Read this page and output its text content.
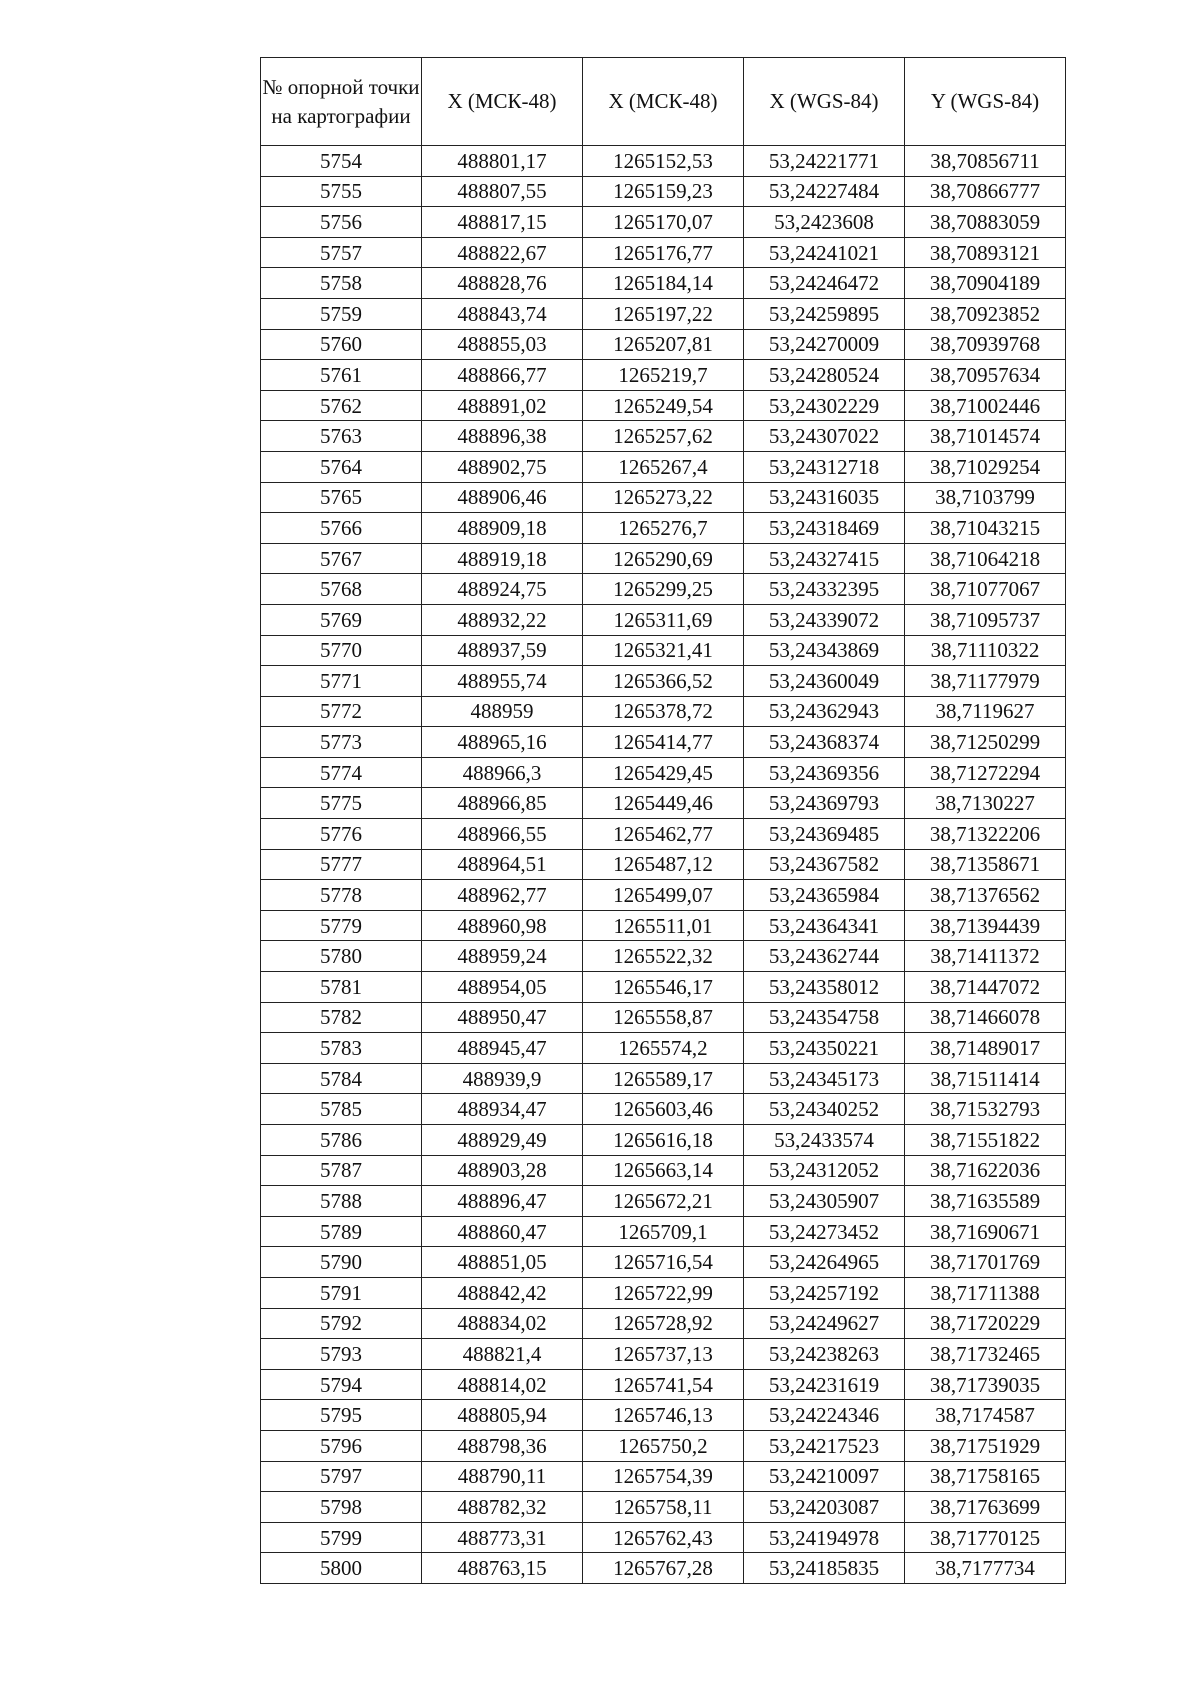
№ опорной точки на картографии	X (МСК-48)	X (МСК-48)	X (WGS-84)	Y (WGS-84)
5754	488801,17	1265152,53	53,24221771	38,70856711
5755	488807,55	1265159,23	53,24227484	38,70866777
5756	488817,15	1265170,07	53,2423608	38,70883059
5757	488822,67	1265176,77	53,24241021	38,70893121
5758	488828,76	1265184,14	53,24246472	38,70904189
5759	488843,74	1265197,22	53,24259895	38,70923852
5760	488855,03	1265207,81	53,24270009	38,70939768
5761	488866,77	1265219,7	53,24280524	38,70957634
5762	488891,02	1265249,54	53,24302229	38,71002446
5763	488896,38	1265257,62	53,24307022	38,71014574
5764	488902,75	1265267,4	53,24312718	38,71029254
5765	488906,46	1265273,22	53,24316035	38,7103799
5766	488909,18	1265276,7	53,24318469	38,71043215
5767	488919,18	1265290,69	53,24327415	38,71064218
5768	488924,75	1265299,25	53,24332395	38,71077067
5769	488932,22	1265311,69	53,24339072	38,71095737
5770	488937,59	1265321,41	53,24343869	38,71110322
5771	488955,74	1265366,52	53,24360049	38,71177979
5772	488959	1265378,72	53,24362943	38,7119627
5773	488965,16	1265414,77	53,24368374	38,71250299
5774	488966,3	1265429,45	53,24369356	38,71272294
5775	488966,85	1265449,46	53,24369793	38,7130227
5776	488966,55	1265462,77	53,24369485	38,71322206
5777	488964,51	1265487,12	53,24367582	38,71358671
5778	488962,77	1265499,07	53,24365984	38,71376562
5779	488960,98	1265511,01	53,24364341	38,71394439
5780	488959,24	1265522,32	53,24362744	38,71411372
5781	488954,05	1265546,17	53,24358012	38,71447072
5782	488950,47	1265558,87	53,24354758	38,71466078
5783	488945,47	1265574,2	53,24350221	38,71489017
5784	488939,9	1265589,17	53,24345173	38,71511414
5785	488934,47	1265603,46	53,24340252	38,71532793
5786	488929,49	1265616,18	53,2433574	38,71551822
5787	488903,28	1265663,14	53,24312052	38,71622036
5788	488896,47	1265672,21	53,24305907	38,71635589
5789	488860,47	1265709,1	53,24273452	38,71690671
5790	488851,05	1265716,54	53,24264965	38,71701769
5791	488842,42	1265722,99	53,24257192	38,71711388
5792	488834,02	1265728,92	53,24249627	38,71720229
5793	488821,4	1265737,13	53,24238263	38,71732465
5794	488814,02	1265741,54	53,24231619	38,71739035
5795	488805,94	1265746,13	53,24224346	38,7174587
5796	488798,36	1265750,2	53,24217523	38,71751929
5797	488790,11	1265754,39	53,24210097	38,71758165
5798	488782,32	1265758,11	53,24203087	38,71763699
5799	488773,31	1265762,43	53,24194978	38,71770125
5800	488763,15	1265767,28	53,24185835	38,7177734
